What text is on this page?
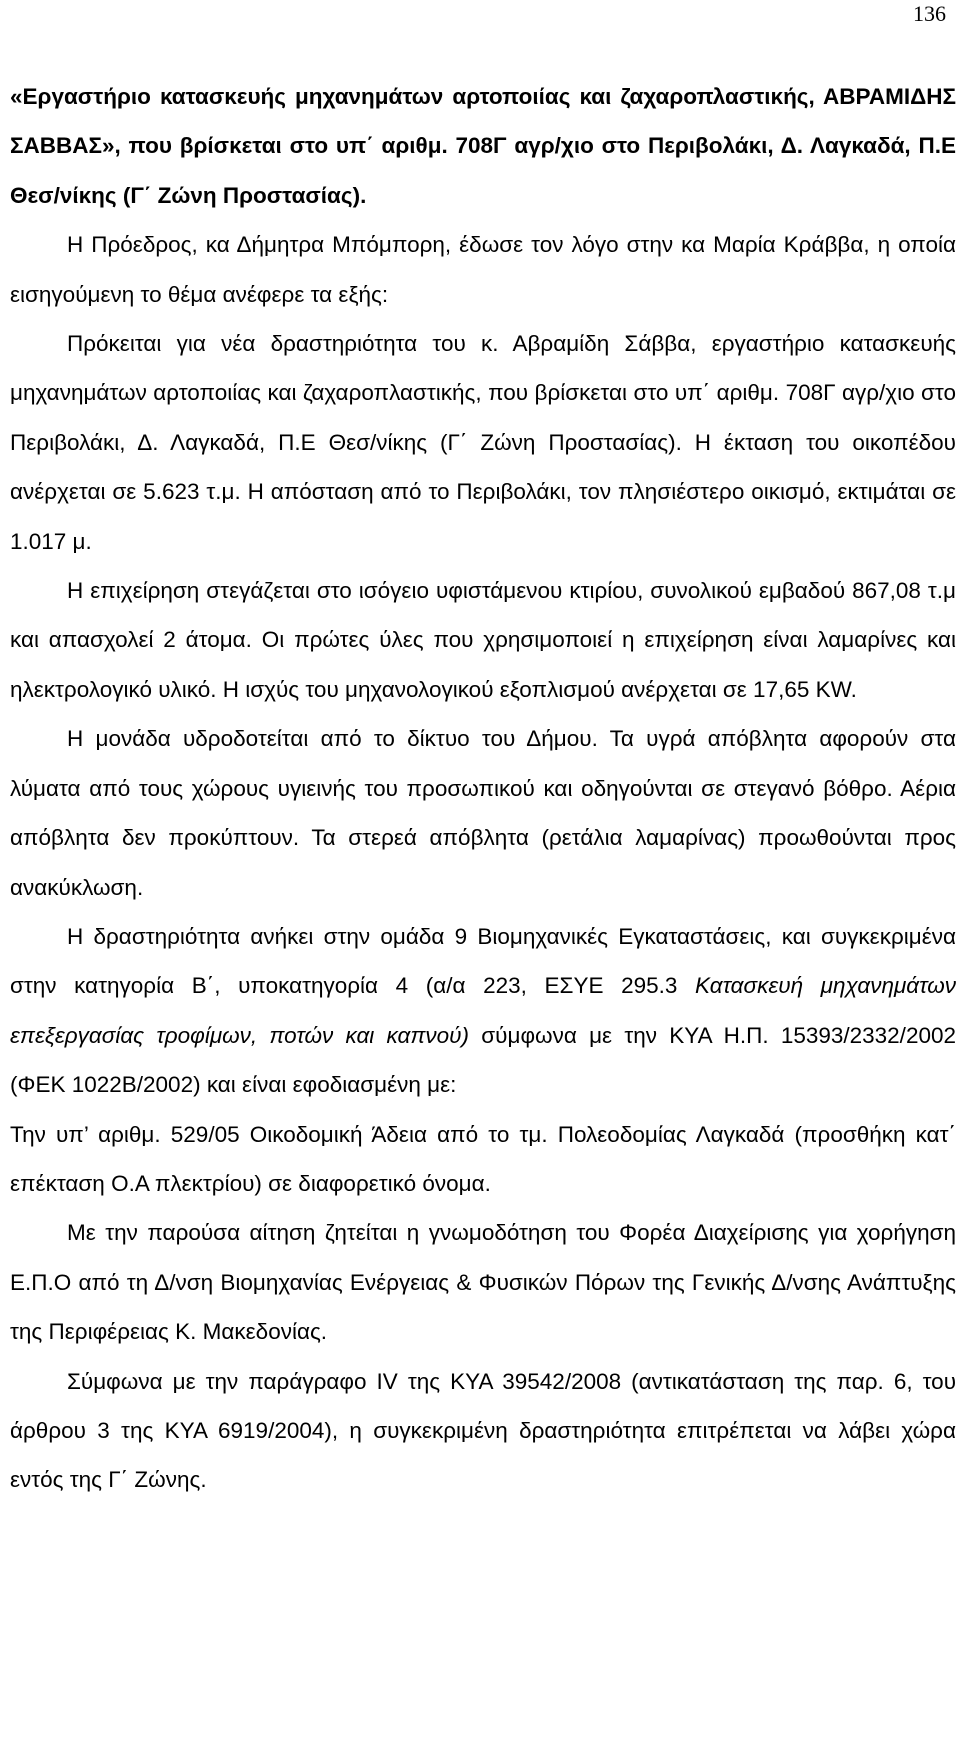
136

«Εργαστήριο κατασκευής μηχανημάτων αρτοποιίας και ζαχαροπλαστικής, ΑΒΡΑΜΙΔΗΣ ΣΑΒΒΑΣ», που βρίσκεται στο υπ΄ αριθμ. 708Γ αγρ/χιο στο Περιβολάκι, Δ. Λαγκαδά, Π.Ε Θεσ/νίκης (Γ΄ Ζώνη Προστασίας).

Η Πρόεδρος, κα Δήμητρα Μπόμπορη, έδωσε τον λόγο στην κα Μαρία Κράββα, η οποία εισηγούμενη το θέμα ανέφερε τα εξής:

Πρόκειται για νέα δραστηριότητα του κ. Αβραμίδη Σάββα, εργαστήριο κατασκευής μηχανημάτων αρτοποιίας και ζαχαροπλαστικής, που βρίσκεται στο υπ΄ αριθμ. 708Γ αγρ/χιο στο Περιβολάκι, Δ. Λαγκαδά, Π.Ε Θεσ/νίκης (Γ΄ Ζώνη Προστασίας). Η έκταση του οικοπέδου ανέρχεται σε 5.623 τ.μ. Η απόσταση από το Περιβολάκι, τον πλησιέστερο οικισμό, εκτιμάται σε 1.017 μ.

Η επιχείρηση στεγάζεται στο ισόγειο υφιστάμενου κτιρίου, συνολικού εμβαδού 867,08 τ.μ και απασχολεί 2 άτομα. Οι πρώτες ύλες που χρησιμοποιεί η επιχείρηση είναι λαμαρίνες και ηλεκτρολογικό υλικό. Η ισχύς του μηχανολογικού εξοπλισμού ανέρχεται σε 17,65 KW.

Η μονάδα υδροδοτείται από το δίκτυο του Δήμου. Τα υγρά απόβλητα αφορούν στα λύματα από τους χώρους υγιεινής του προσωπικού και οδηγούνται σε στεγανό βόθρο. Αέρια απόβλητα δεν προκύπτουν. Τα στερεά απόβλητα (ρετάλια λαμαρίνας) προωθούνται προς ανακύκλωση.

Η δραστηριότητα ανήκει στην ομάδα 9 Βιομηχανικές Εγκαταστάσεις, και συγκεκριμένα στην κατηγορία Β΄, υποκατηγορία 4 (α/α 223, ΕΣΥΕ 295.3 Κατασκευή μηχανημάτων επεξεργασίας τροφίμων, ποτών και καπνού) σύμφωνα με την ΚΥΑ Η.Π. 15393/2332/2002 (ΦΕΚ 1022Β/2002) και είναι εφοδιασμένη με:

Την υπ’ αριθμ. 529/05 Οικοδομική Άδεια από το τμ. Πολεοδομίας Λαγκαδά (προσθήκη κατ΄ επέκταση Ο.Α πλεκτρίου) σε διαφορετικό όνομα.

Με την παρούσα αίτηση ζητείται η γνωμοδότηση του Φορέα Διαχείρισης για χορήγηση Ε.Π.Ο από τη Δ/νση Βιομηχανίας Ενέργειας & Φυσικών Πόρων της Γενικής Δ/νσης Ανάπτυξης της Περιφέρειας Κ. Μακεδονίας.

Σύμφωνα με την παράγραφο IV της ΚΥΑ 39542/2008 (αντικατάσταση της παρ. 6, του άρθρου 3 της ΚΥΑ 6919/2004), η συγκεκριμένη δραστηριότητα επιτρέπεται να λάβει χώρα εντός της Γ΄ Ζώνης.
